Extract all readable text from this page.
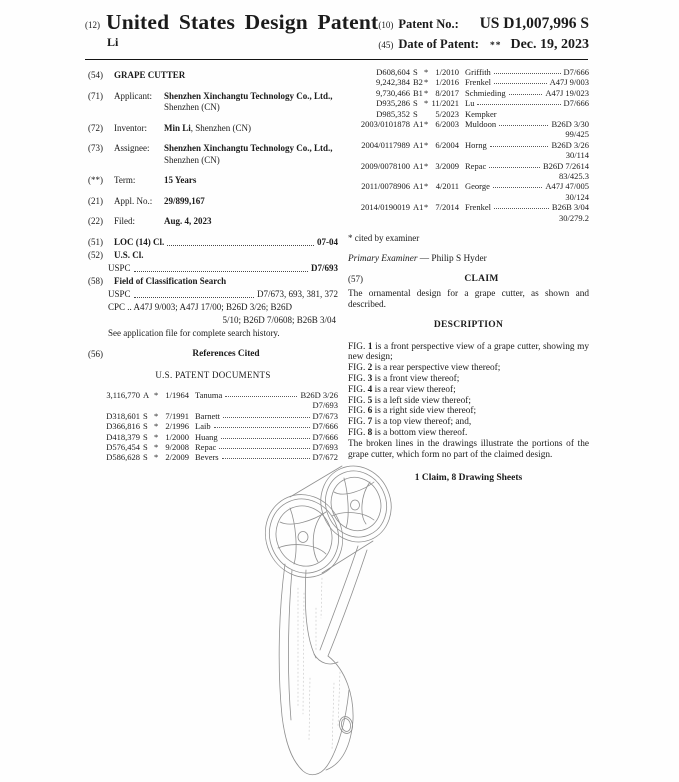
(12) United States Design Patent
Li
(10) Patent No.: US D1,007,996 S
(45) Date of Patent: ** Dec. 19, 2023
(54)	GRAPE CUTTER
(71)	Applicant:	Shenzhen Xinchangtu Technology Co., Ltd., Shenzhen (CN)
(72)	Inventor:	Min Li, Shenzhen (CN)
(73)	Assignee:	Shenzhen Xinchangtu Technology Co., Ltd., Shenzhen (CN)
(**)	Term:	15 Years
(21)	Appl. No.:	29/899,167
(22)	Filed:	Aug. 4, 2023
(51)	LOC (14) Cl.	07-04
(52)	U.S. Cl.
USPC	D7/693
(58)	Field of Classification Search
USPC	D7/673, 693, 381, 372
CPC .. A47J 9/003; A47J 17/00; B26D 3/26; B26D
5/10; B26D 7/0608; B26B 3/04
See application file for complete search history.
(56)	References Cited
U.S. PATENT DOCUMENTS
3,116,770 A * 1/1964 Tanuma	B26D 3/26
D7/693
D318,601 S * 7/1991 Barnett	D7/673
D366,816 S * 2/1996 Laib	D7/666
D418,379 S * 1/2000 Huang	D7/666
D576,454 S * 9/2008 Repac	D7/693
D586,628 S * 2/2009 Bevers	D7/672
D608,604 S * 1/2010 Griffith	D7/666
9,242,384 B2 * 1/2016 Frenkel	A47J 9/003
9,730,466 B1 * 8/2017 Schmieding	A47J 19/023
D935,286 S * 11/2021 Lu	D7/666
D985,352 S	5/2023 Kempker
2003/0101878 A1 * 6/2003 Muldoon	B26D 3/30
99/425
2004/0117989 A1 * 6/2004 Horng	B26D 3/26
30/114
2009/0078100 A1 * 3/2009 Repac	B26D 7/2614
83/425.3
2011/0078906 A1 * 4/2011 George	A47J 47/005
30/124
2014/0190019 A1 * 7/2014 Frenkel	B26B 3/04
30/279.2
* cited by examiner
Primary Examiner — Philip S Hyder
(57)	CLAIM
The ornamental design for a grape cutter, as shown and described.
DESCRIPTION
FIG. 1 is a front perspective view of a grape cutter, showing my new design;
FIG. 2 is a rear perspective view thereof;
FIG. 3 is a front view thereof;
FIG. 4 is a rear view thereof;
FIG. 5 is a left side view thereof;
FIG. 6 is a right side view thereof;
FIG. 7 is a top view thereof; and,
FIG. 8 is a bottom view thereof.
The broken lines in the drawings illustrate the portions of the grape cutter, which form no part of the claimed design.
1 Claim, 8 Drawing Sheets
